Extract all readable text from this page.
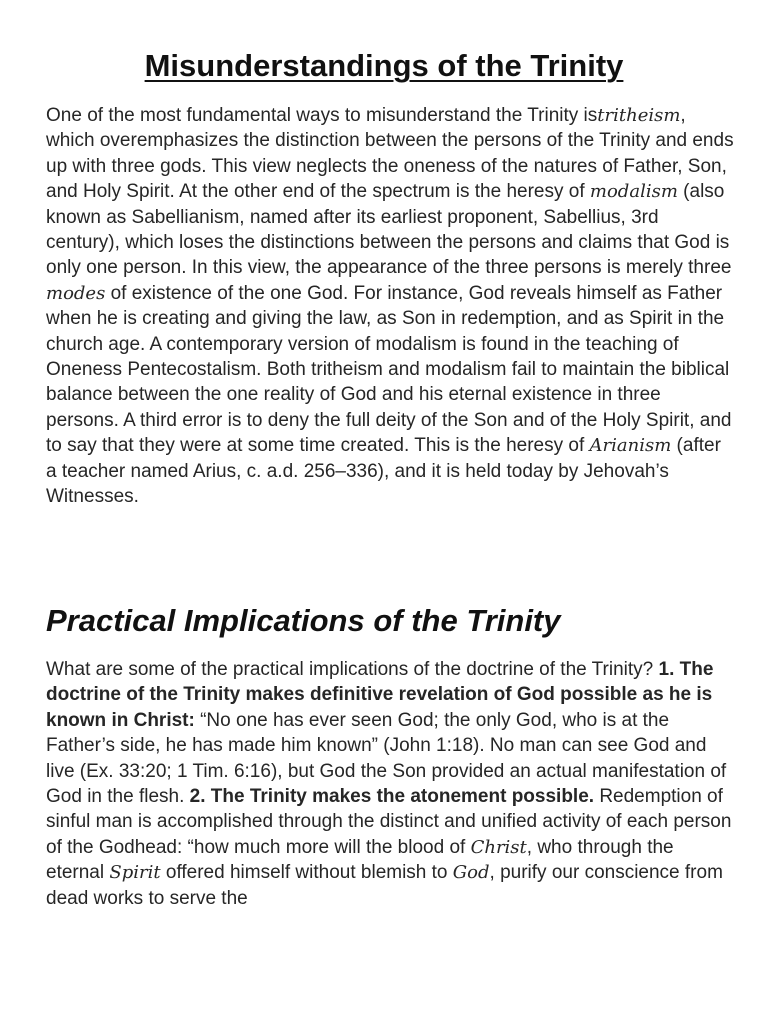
Misunderstandings of the Trinity

One of the most fundamental ways to misunderstand the Trinity istritheism, which overemphasizes the distinction between the persons of the Trinity and ends up with three gods. This view neglects the oneness of the natures of Father, Son, and Holy Spirit. At the other end of the spectrum is the heresy of modalism (also known as Sabellianism, named after its earliest proponent, Sabellius, 3rd century), which loses the distinctions between the persons and claims that God is only one person. In this view, the appearance of the three persons is merely three modes of existence of the one God. For instance, God reveals himself as Father when he is creating and giving the law, as Son in redemption, and as Spirit in the church age. A contemporary version of modalism is found in the teaching of Oneness Pentecostalism. Both tritheism and modalism fail to maintain the biblical balance between the one reality of God and his eternal existence in three persons. A third error is to deny the full deity of the Son and of the Holy Spirit, and to say that they were at some time created. This is the heresy of Arianism (after a teacher named Arius, c. a.d. 256–336), and it is held today by Jehovah’s Witnesses.

Practical Implications of the Trinity

What are some of the practical implications of the doctrine of the Trinity? 1. The doctrine of the Trinity makes definitive revelation of God possible as he is known in Christ: “No one has ever seen God; the only God, who is at the Father’s side, he has made him known” (John 1:18). No man can see God and live (Ex. 33:20; 1 Tim. 6:16), but God the Son provided an actual manifestation of God in the flesh. 2. The Trinity makes the atonement possible. Redemption of sinful man is accomplished through the distinct and unified activity of each person of the Godhead: “how much more will the blood of Christ, who through the eternal Spirit offered himself without blemish to God, purify our conscience from dead works to serve the
